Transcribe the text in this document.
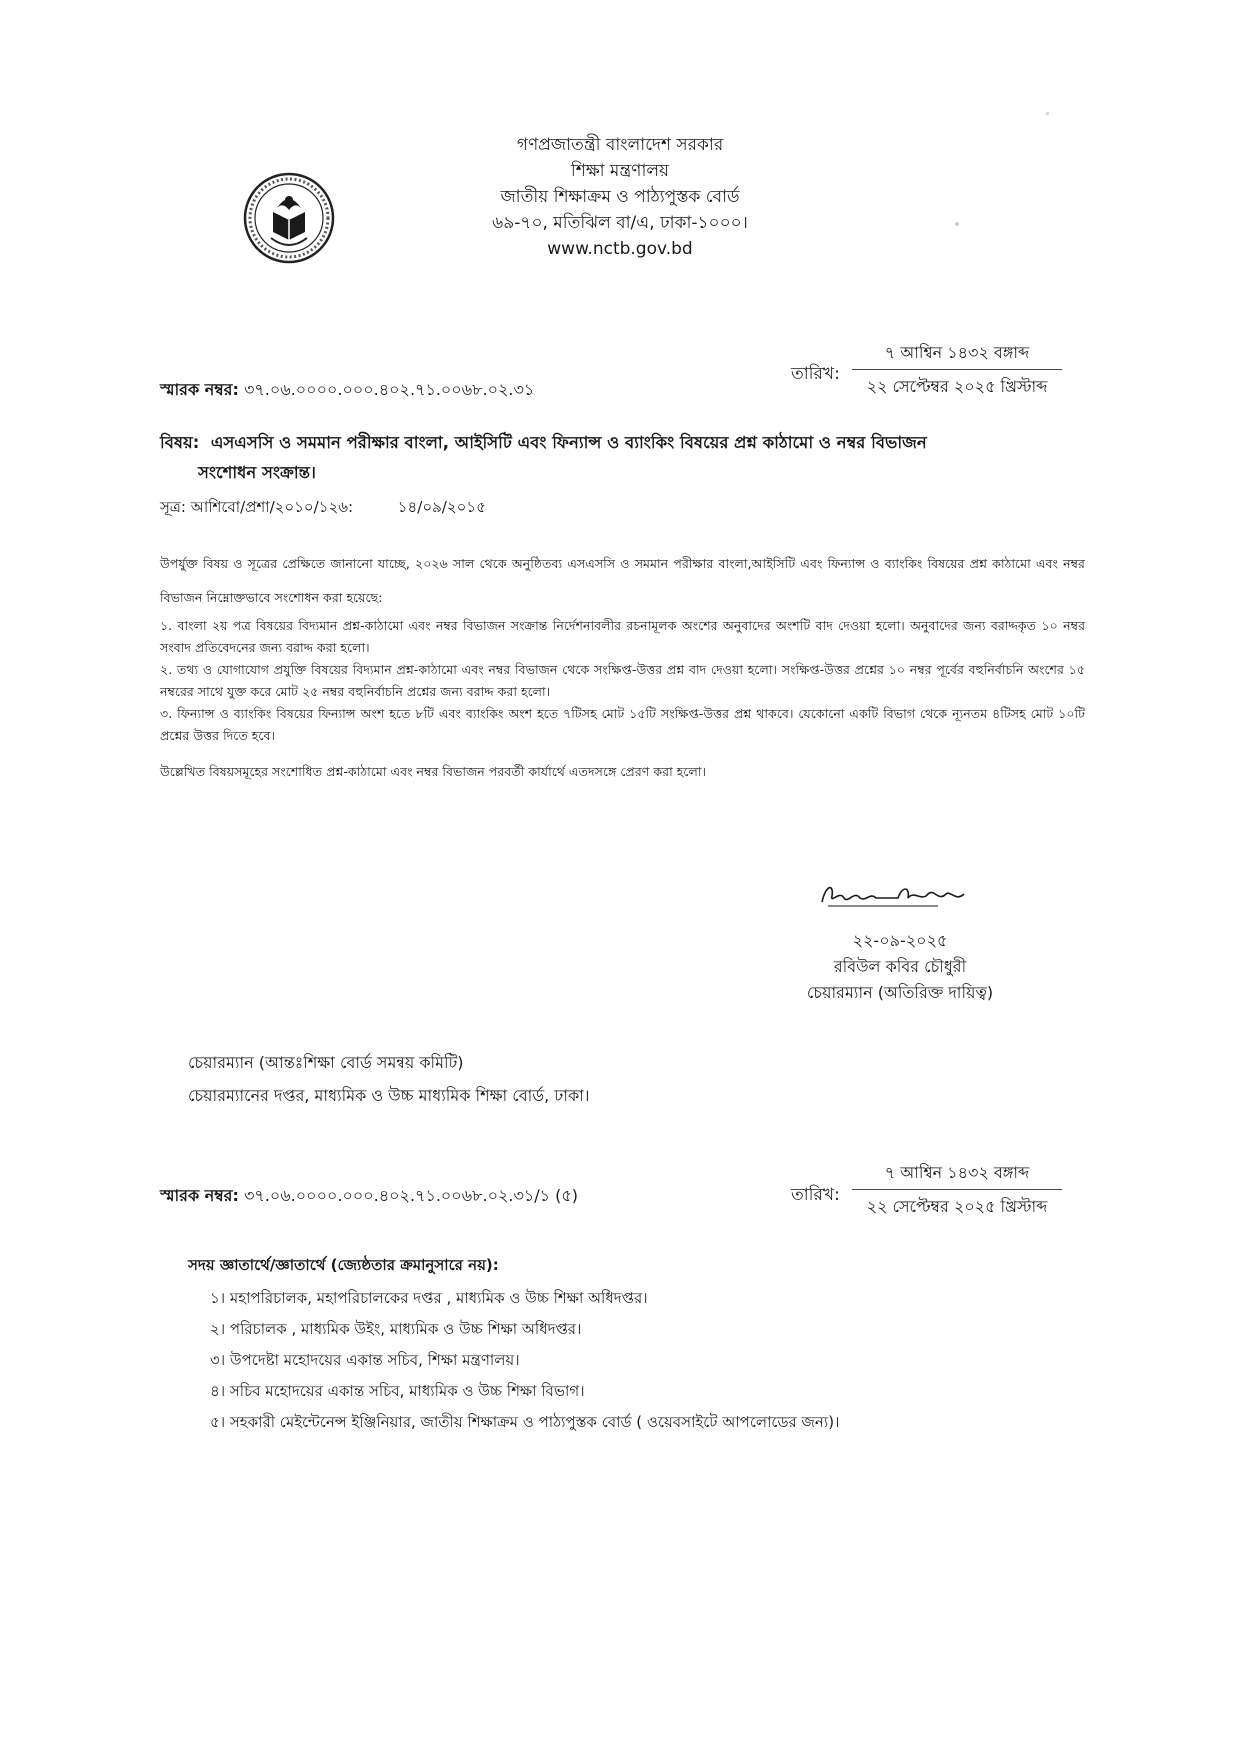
গণপ্রজাতন্ত্রী বাংলাদেশ সরকার
শিক্ষা মন্ত্রণালয়
জাতীয় শিক্ষাক্রম ও পাঠ্যপুস্তক বোর্ড
৬৯-৭০, মতিঝিল বা/এ, ঢাকা-১০০০।
www.nctb.gov.bd
স্মারক নম্বর: ৩৭.০৬.০০০০.০০০.৪০২.৭১.০০৬৮.০২.৩১
তারিখ:
৭ আশ্বিন ১৪৩২ বঙ্গাব্দ
২২ সেপ্টেম্বর ২০২৫ খ্রিস্টাব্দ
বিষয়: এসএসসি ও সমমান পরীক্ষার বাংলা, আইসিটি এবং ফিন্যান্স ও ব্যাংকিং বিষয়ের প্রশ্ন কাঠামো ও নম্বর বিভাজন
সংশোধন সংক্রান্ত।
সূত্র: আশিবো/প্রশা/২০১০/১২৬:	১৪/০৯/২০১৫

উপর্যুক্ত বিষয় ও সূত্রের প্রেক্ষিতে জানানো যাচ্ছে, ২০২৬ সাল থেকে অনুষ্ঠিতব্য এসএসসি ও সমমান পরীক্ষার বাংলা,আইসিটি এবং ফিন্যান্স ও ব্যাংকিং বিষয়ের প্রশ্ন কাঠামো এবং নম্বর বিভাজন নিম্নোক্তভাবে সংশোধন করা হয়েছে:

১. বাংলা ২য় পত্র বিষয়ের বিদ্যমান প্রশ্ন-কাঠামো এবং নম্বর বিভাজন সংক্রান্ত নির্দেশনাবলীর রচনামূলক অংশের অনুবাদের অংশটি বাদ দেওয়া হলো। অনুবাদের জন্য বরাদ্দকৃত ১০ নম্বর সংবাদ প্রতিবেদনের জন্য বরাদ্দ করা হলো।

২. তথ্য ও যোগাযোগ প্রযুক্তি বিষয়ের বিদ্যমান প্রশ্ন-কাঠামো এবং নম্বর বিভাজন থেকে সংক্ষিপ্ত-উত্তর প্রশ্ন বাদ দেওয়া হলো। সংক্ষিপ্ত-উত্তর প্রশ্নের ১০ নম্বর পূর্বের বহুনির্বাচনি অংশের ১৫ নম্বরের সাথে যুক্ত করে মোট ২৫ নম্বর বহুনির্বাচনি প্রশ্নের জন্য বরাদ্দ করা হলো।

৩. ফিন্যান্স ও ব্যাংকিং বিষয়ের ফিন্যান্স অংশ হতে ৮টি এবং ব্যাংকিং অংশ হতে ৭টিসহ মোট ১৫টি সংক্ষিপ্ত-উত্তর প্রশ্ন থাকবে। যেকোনো একটি বিভাগ থেকে ন্যূনতম ৪টিসহ মোট ১০টি প্রশ্নের উত্তর দিতে হবে।

উল্লেখিত বিষয়সমূহের সংশোধিত প্রশ্ন-কাঠামো এবং নম্বর বিভাজন পরবর্তী কার্যার্থে এতদসঙ্গে প্রেরণ করা হলো।

২২-০৯-২০২৫
রবিউল কবির চৌধুরী
চেয়ারম্যান (অতিরিক্ত দায়িত্ব)
চেয়ারম্যান (আন্তঃশিক্ষা বোর্ড সমন্বয় কমিটি)
চেয়ারম্যানের দপ্তর, মাধ্যমিক ও উচ্চ মাধ্যমিক শিক্ষা বোর্ড, ঢাকা।
স্মারক নম্বর: ৩৭.০৬.০০০০.০০০.৪০২.৭১.০০৬৮.০২.৩১/১ (৫)	তারিখ:
৭ আশ্বিন ১৪৩২ বঙ্গাব্দ
২২ সেপ্টেম্বর ২০২৫ খ্রিস্টাব্দ
সদয় জ্ঞাতার্থে/জ্ঞাতার্থে (জ্যেষ্ঠতার ক্রমানুসারে নয়):
১। মহাপরিচালক, মহাপরিচালকের দপ্তর , মাধ্যমিক ও উচ্চ শিক্ষা অধিদপ্তর।
২। পরিচালক , মাধ্যমিক উইং, মাধ্যমিক ও উচ্চ শিক্ষা অধিদপ্তর।
৩। উপদেষ্টা মহোদয়ের একান্ত সচিব, শিক্ষা মন্ত্রণালয়।
৪। সচিব মহোদয়ের একান্ত সচিব, মাধ্যমিক ও উচ্চ শিক্ষা বিভাগ।
৫। সহকারী মেইন্টেনেন্স ইঞ্জিনিয়ার, জাতীয় শিক্ষাক্রম ও পাঠ্যপুস্তক বোর্ড ( ওয়েবসাইটে আপলোডের জন্য)।
